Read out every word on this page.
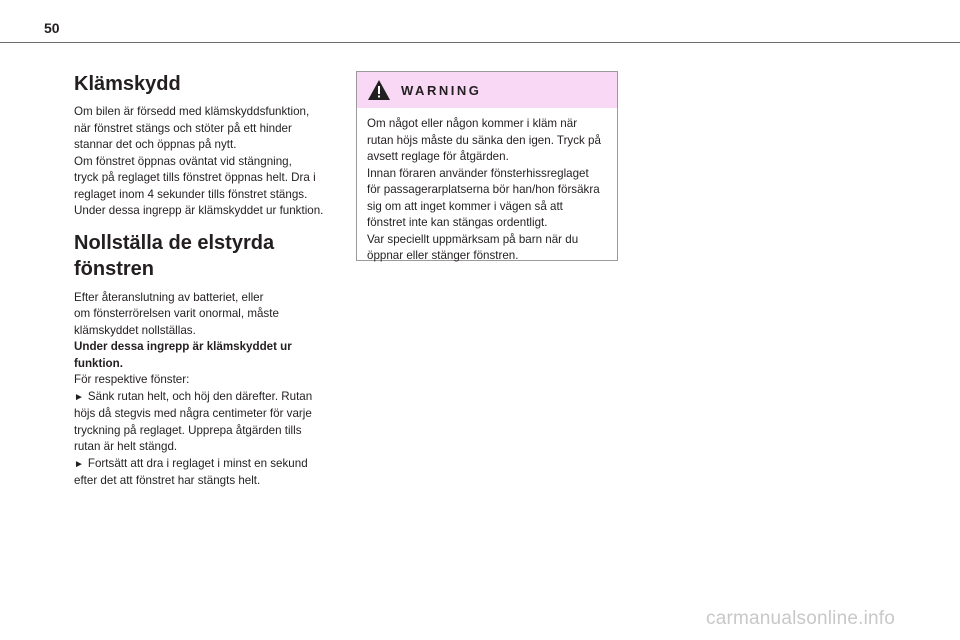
50
Klämskydd

Om bilen är försedd med klämskyddsfunktion,
när fönstret stängs och stöter på ett hinder
stannar det och öppnas på nytt.
Om fönstret öppnas oväntat vid stängning,
tryck på reglaget tills fönstret öppnas helt. Dra i
reglaget inom 4 sekunder tills fönstret stängs.
Under dessa ingrepp är klämskyddet ur funktion.

Nollställa de elstyrda
fönstren

Efter återanslutning av batteriet, eller
om fönsterrörelsen varit onormal, måste
klämskyddet nollställas.
Under dessa ingrepp är klämskyddet ur
funktion.
För respektive fönster:
► Sänk rutan helt, och höj den därefter. Rutan
höjs då stegvis med några centimeter för varje
tryckning på reglaget. Upprepa åtgärden tills
rutan är helt stängd.
► Fortsätt att dra i reglaget i minst en sekund
efter det att fönstret har stängts helt.

WARNING

Om något eller någon kommer i kläm när
rutan höjs måste du sänka den igen. Tryck på
avsett reglage för åtgärden.
Innan föraren använder fönsterhissreglaget
för passagerarplatserna bör han/hon försäkra
sig om att inget kommer i vägen så att
fönstret inte kan stängas ordentligt.
Var speciellt uppmärksam på barn när du
öppnar eller stänger fönstren.

carmanualsonline.info
